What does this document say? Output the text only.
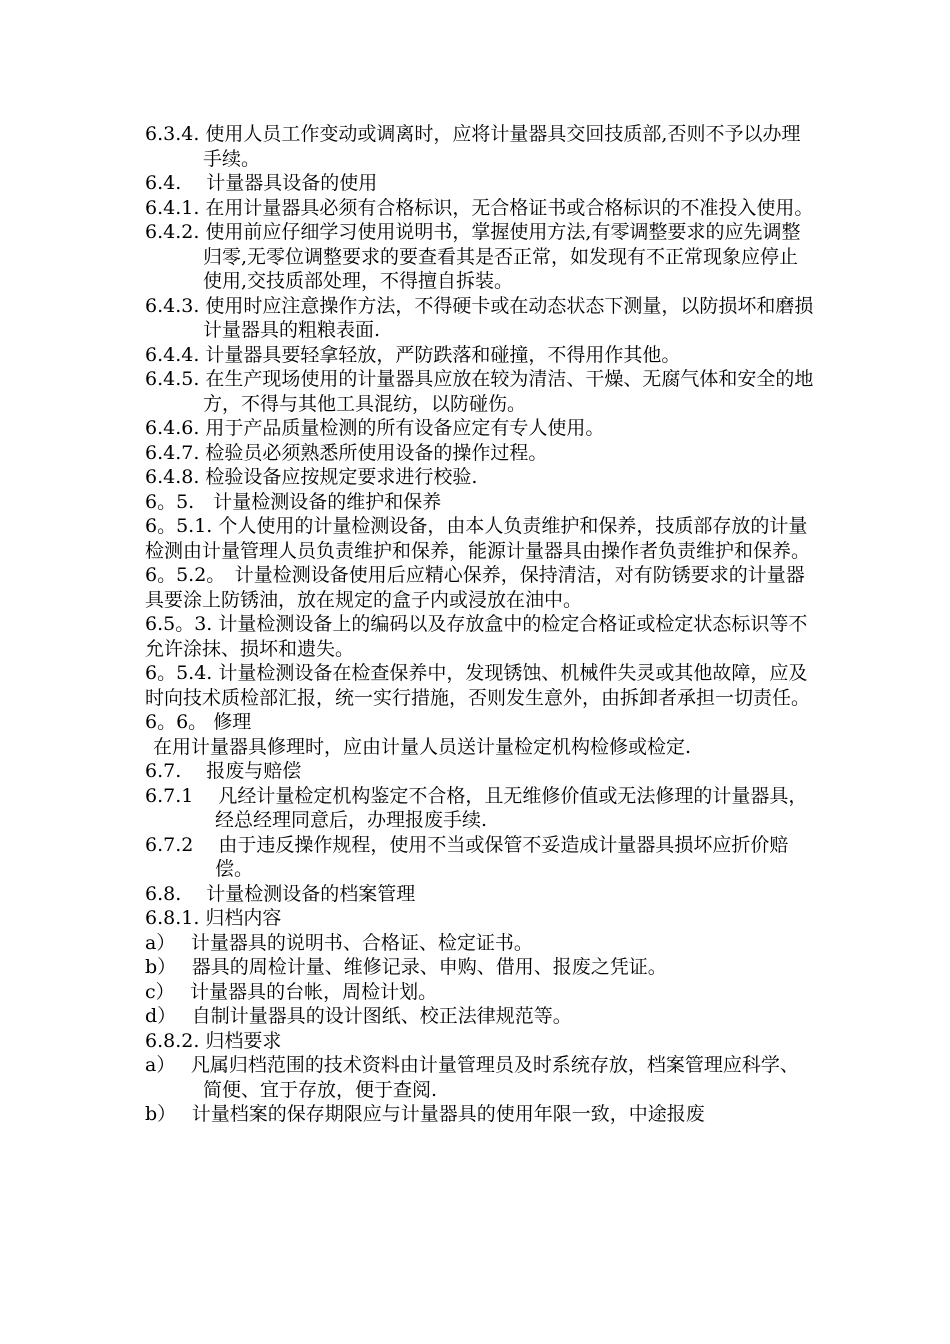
6.3.4. 使用人员工作变动或调离时，应将计量器具交回技质部,否则不予以办理手续。

6.4.　 计量器具设备的使用

6.4.1. 在用计量器具必须有合格标识，无合格证书或合格标识的不准投入使用。

6.4.2. 使用前应仔细学习使用说明书，掌握使用方法,有零调整要求的应先调整归零,无零位调整要求的要查看其是否正常，如发现有不正常现象应停止使用,交技质部处理，不得擅自拆装。

6.4.3. 使用时应注意操作方法，不得硬卡或在动态状态下测量，以防损坏和磨损计量器具的粗粮表面.

6.4.4. 计量器具要轻拿轻放，严防跌落和碰撞，不得用作其他。

6.4.5. 在生产现场使用的计量器具应放在较为清洁、干燥、无腐气体和安全的地方，不得与其他工具混纺，以防碰伤。

6.4.6. 用于产品质量检测的所有设备应定有专人使用。

6.4.7. 检验员必须熟悉所使用设备的操作过程。

6.4.8. 检验设备应按规定要求进行校验.

6。5.　计量检测设备的维护和保养

6。5.1. 个人使用的计量检测设备，由本人负责维护和保养，技质部存放的计量检测由计量管理人员负责维护和保养，能源计量器具由操作者负责维护和保养。

6。5.2。　计量检测设备使用后应精心保养，保持清洁，对有防锈要求的计量器具要涂上防锈油，放在规定的盒子内或浸放在油中。

6.5。3. 计量检测设备上的编码以及存放盒中的检定合格证或检定状态标识等不允许涂抹、损坏和遗失。

6。5.4. 计量检测设备在检查保养中，发现锈蚀、机械件失灵或其他故障，应及时向技术质检部汇报，统一实行措施，否则发生意外，由拆卸者承担一切责任。

6。6。 修理

在用计量器具修理时，应由计量人员送计量检定机构检修或检定.

6.7.　 报废与赔偿

6.7.1　 凡经计量检定机构鉴定不合格，且无维修价值或无法修理的计量器具，经总经理同意后，办理报废手续.

6.7.2　 由于违反操作规程，使用不当或保管不妥造成计量器具损坏应折价赔偿。

6.8.　 计量检测设备的档案管理

6.8.1. 归档内容

a）　 计量器具的说明书、合格证、检定证书。

b）　 器具的周检计量、维修记录、申购、借用、报废之凭证。

c）　 计量器具的台帐，周检计划。

d）　 自制计量器具的设计图纸、校正法律规范等。

6.8.2. 归档要求

a）　 凡属归档范围的技术资料由计量管理员及时系统存放，档案管理应科学、简便、宜于存放，便于查阅.

b）　 计量档案的保存期限应与计量器具的使用年限一致，中途报废
